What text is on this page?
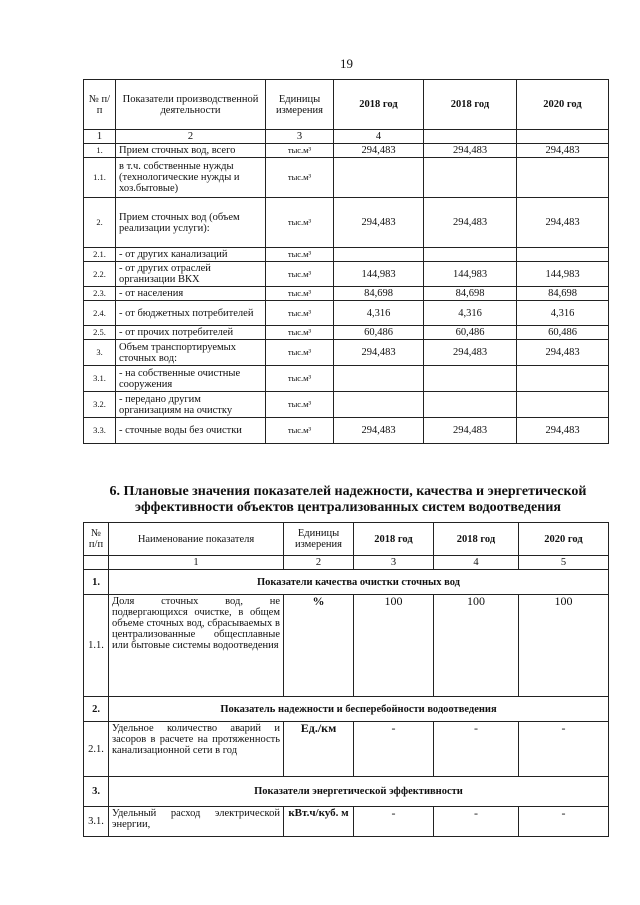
19
№ п/п	Показатели производственной деятельности	Единицы измерения	2018 год	2018 год	2020 год
1	2	3	4		
1.	Прием сточных вод, всего	тыс.м³	294,483	294,483	294,483
1.1.	в т.ч. собственные нужды (технологические нужды и хоз.бытовые)	тыс.м³			
2.	Прием сточных вод (объем реализации услуги):	тыс.м³	294,483	294,483	294,483
2.1.	- от других канализаций	тыс.м³			
2.2.	- от других отраслей организации ВКХ	тыс.м³	144,983	144,983	144,983
2.3.	- от населения	тыс.м³	84,698	84,698	84,698
2.4.	- от бюджетных потребителей	тыс.м³	4,316	4,316	4,316
2.5.	- от прочих потребителей	тыс.м³	60,486	60,486	60,486
3.	Объем транспортируемых сточных вод:	тыс.м³	294,483	294,483	294,483
3.1.	- на собственные очистные сооружения	тыс.м³			
3.2.	- передано другим организациям на очистку	тыс.м³			
3.3.	- сточные воды без очистки	тыс.м³	294,483	294,483	294,483
6. Плановые значения показателей надежности, качества и энергетической эффективности объектов централизованных систем водоотведения
№ п/п	Наименование показателя	Единицы измерения	2018 год	2018 год	2020 год
	1	2	3	4	5
1.	Показатели качества очистки сточных вод				
1.1.	Доля сточных вод, не подвергающихся очистке, в общем объеме сточных вод, сбрасываемых в централизованные общесплавные или бытовые системы водоотведения	%	100	100	100
2.	Показатель надежности и бесперебойности водоотведения				
2.1.	Удельное количество аварий и засоров в расчете на протяженность канализационной сети в год	Ед./км	-	-	-
3.	Показатели энергетической эффективности				
3.1.	Удельный расход электрической энергии,	кВт.ч/куб. м	-	-	-
